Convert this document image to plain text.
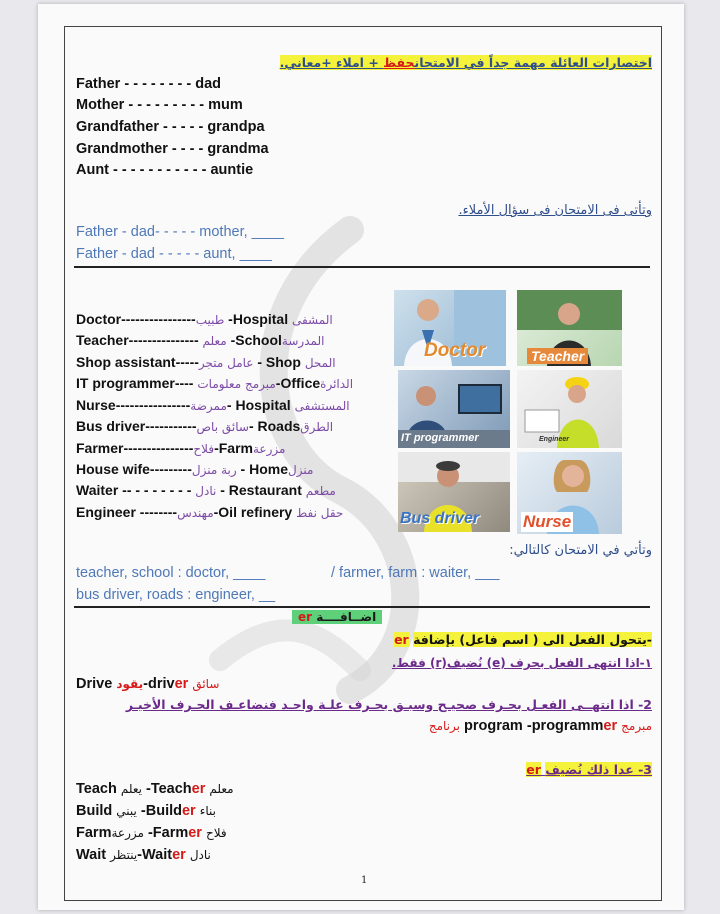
اختصارات العائلة مهمة جداً في الامتحانحفظ + املاء +معاني.
Father - - - - - - - - dad
Mother - - - - - - - - - mum
Grandfather - - - - - grandpa
Grandmother - - - - grandma
Aunt - - - - - - - - - - - auntie
وتأتى فى الامتحان فى سؤال الأملاء.
Father - dad- - - - - mother, ____
Father - dad - - - - - aunt, ____
Doctor----------------طبيب -Hospital المشفى
Teacher--------------- معلم -Schoolالمدرسة
Shop assistant-----عامل متجر - Shop المحل
IT programmer---- مبرمج معلومات-Officeالدائرة
Nurse----------------ممرضة- Hospital المستشفى
Bus driver-----------سائق باص- Roadsالطرق
Farmer---------------فلاح-Farmمزرعة
House wife---------ربة منزل - Homeمنزل
Waiter -- - - - - - - - نادل - Restaurant مطعم
Engineer --------مهندس-Oil refinery حقل نفط
Doctor	Teacher
IT programmer	Engineer
Bus driver	Nurse
وتأتي في الامتحان كالتالي:
teacher, school : doctor, ____	/ farmer, farm : waiter, ___
bus driver, roads : engineer, __
er اضــافــــة
-يتحول الفعل الى ( اسم فاعل) بإضافة er
١-اذا انتهى الفعل بحرف (e) نُضيف(r) فقط.
Drive يقود-driver سائق
2- اذا انتهــى الفعـل بحـرف صحيـح وسبـق بحـرف علـة واحـد فنضاعـف الحـرف الأخيـر
مبرمج program -programmer برنامج
3- عدا ذلك نُضيف er
Teach يعلم -Teacher معلم
Build يبني -Builder بناء
Farmمزرعة -Farmer فلاح
Wait ينتظر-Waiter نادل
1
